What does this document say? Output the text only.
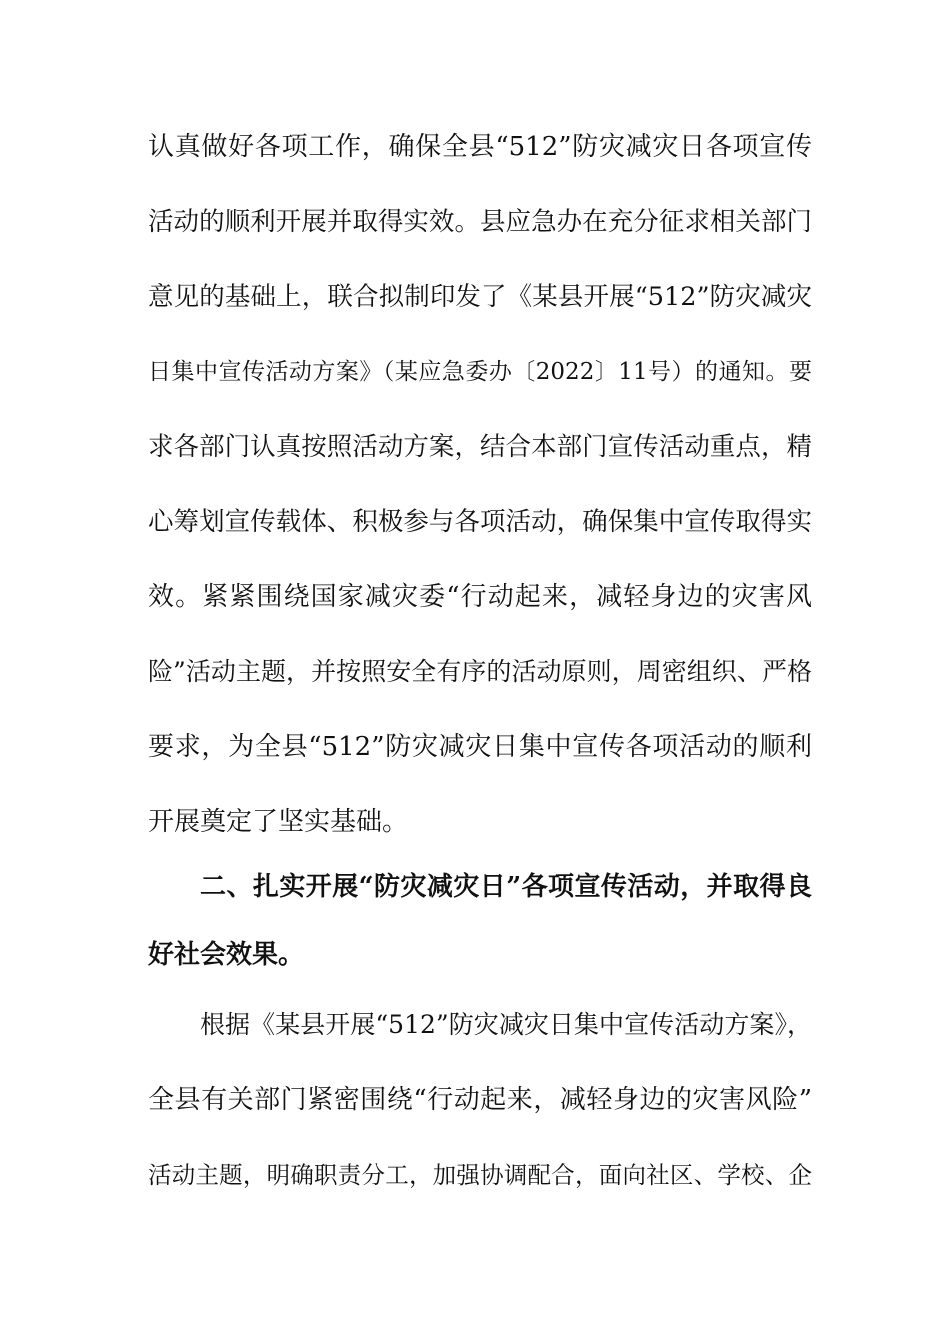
认真做好各项工作，确保全县“512”防灾减灾日各项宣传
活动的顺利开展并取得实效。县应急办在充分征求相关部门
意见的基础上，联合拟制印发了《某县开展“512”防灾减灾
日集中宣传活动方案》（某应急委办〔2022〕11号）的通知。要
求各部门认真按照活动方案，结合本部门宣传活动重点，精
心筹划宣传载体、积极参与各项活动，确保集中宣传取得实
效。紧紧围绕国家减灾委“行动起来，减轻身边的灾害风
险”活动主题，并按照安全有序的活动原则，周密组织、严格
要求，为全县“512”防灾减灾日集中宣传各项活动的顺利
开展奠定了坚实基础。
二、扎实开展“防灾减灾日”各项宣传活动，并取得良
好社会效果。
根据《某县开展“512”防灾减灾日集中宣传活动方案》，
全县有关部门紧密围绕“行动起来，减轻身边的灾害风险”
活动主题，明确职责分工，加强协调配合，面向社区、学校、企
